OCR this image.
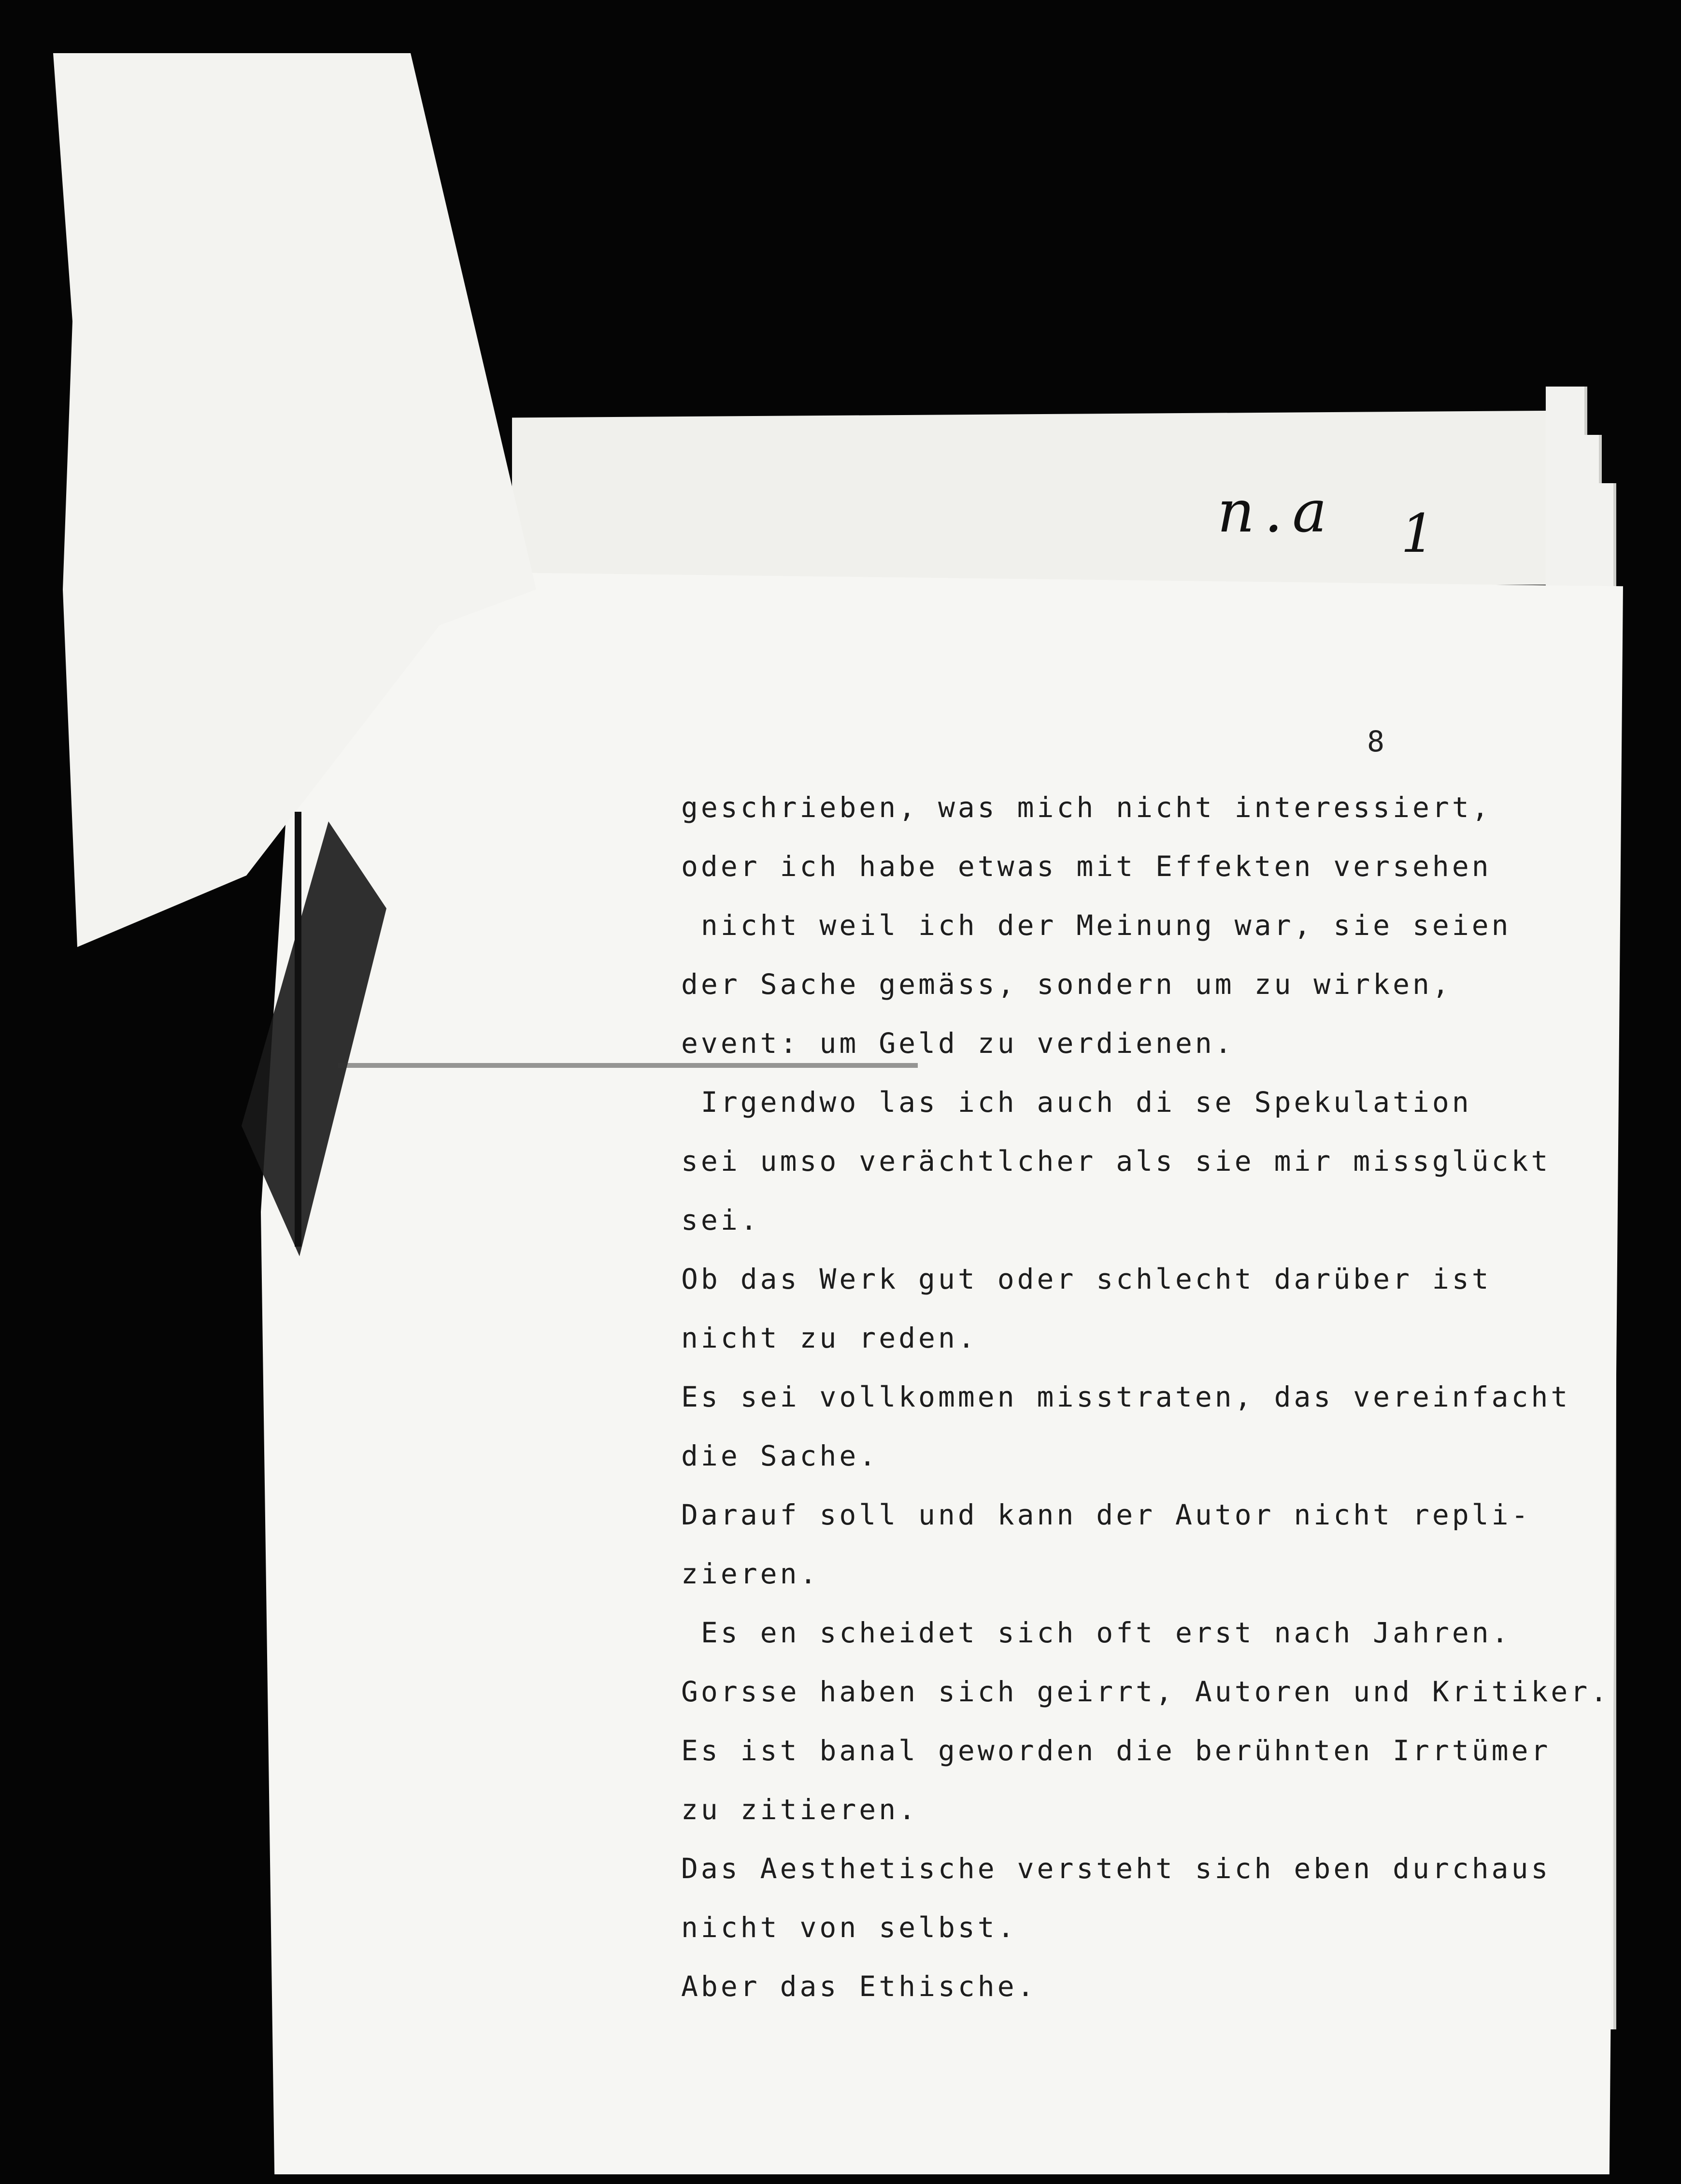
n.a 1
8
geschrieben, was mich nicht interessiert,
oder ich habe etwas mit Effekten versehen
nicht weil ich der Meinung war, sie seien
der Sache gemäss, sondern um zu wirken,
event: um Geld zu verdienen.
Irgendwo las ich auch di se Spekulation
sei umso verächtlcher als sie mir missglückt
sei.
Ob das Werk gut oder schlecht darüber ist
nicht zu reden.
Es sei vollkommen misstraten, das vereinfacht
die Sache.
Darauf soll und kann der Autor nicht repli-
zieren.
Es en scheidet sich oft erst nach Jahren.
Gorsse haben sich geirrt, Autoren und Kritiker.
Es ist banal geworden die berühnten Irrtümer
zu zitieren.
Das Aesthetische versteht sich eben durchaus
nicht von selbst.
Aber das Ethische.
